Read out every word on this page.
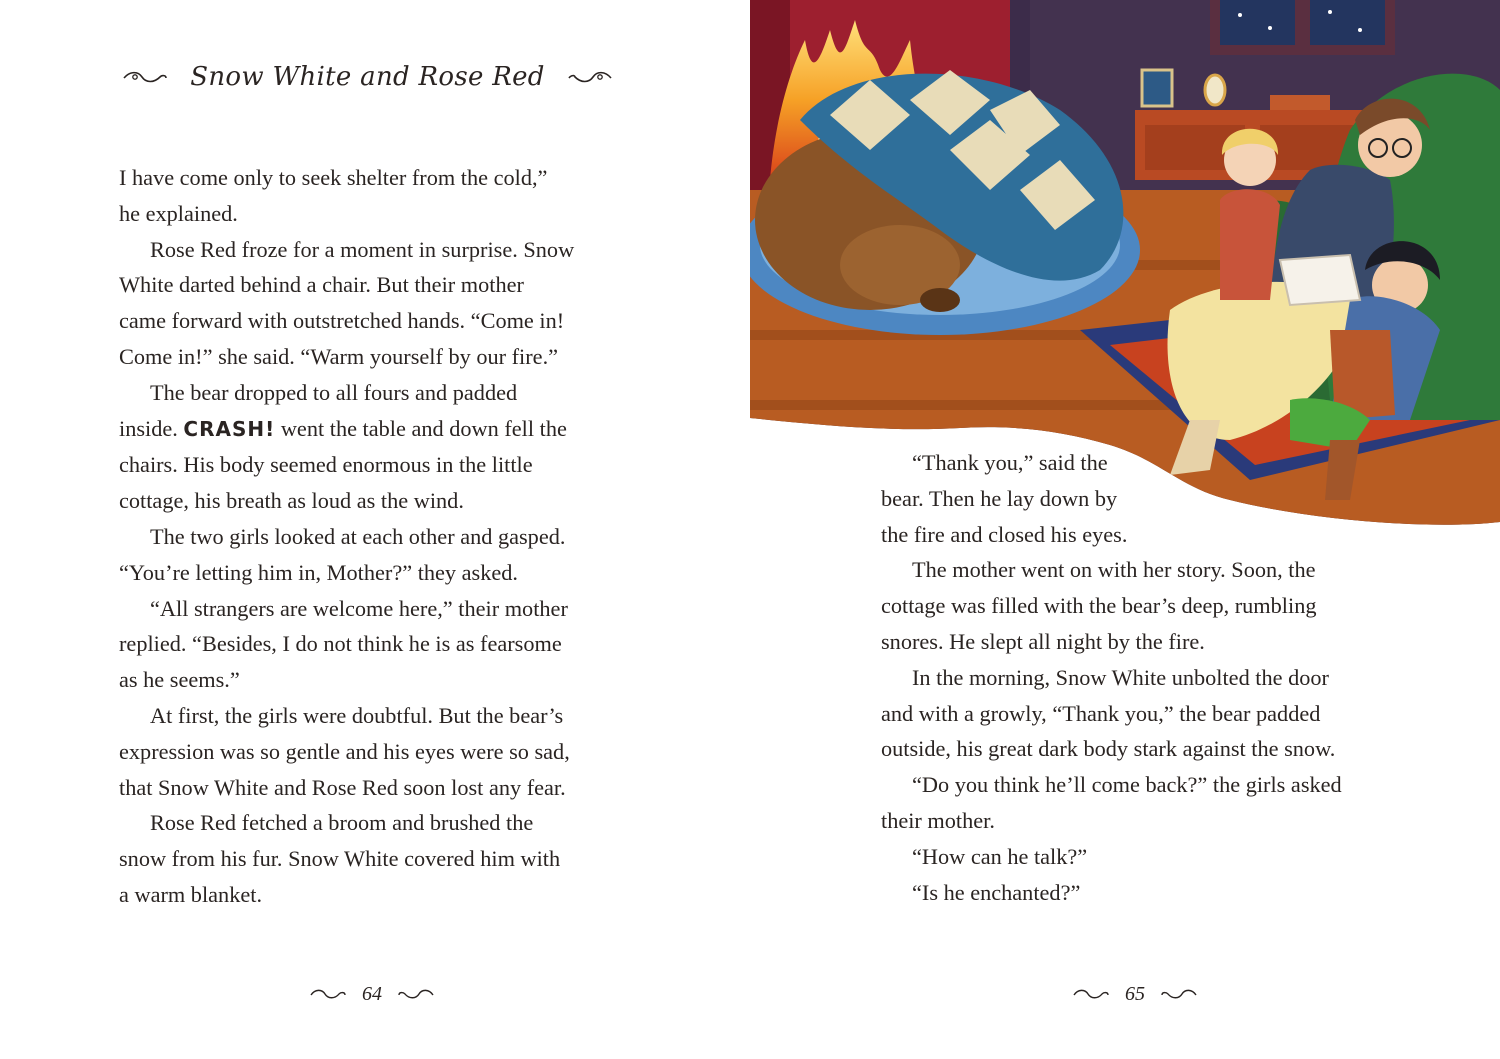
Snow White and Rose Red

I have come only to seek shelter from the cold,”

he explained.

Rose Red froze for a moment in surprise. Snow

White darted behind a chair. But their mother

came forward with outstretched hands. “Come in!

Come in!” she said. “Warm yourself by our fire.”

The bear dropped to all fours and padded

inside. CRASH! went the table and down fell the

chairs. His body seemed enormous in the little

cottage, his breath as loud as the wind.

The two girls looked at each other and gasped.

“You’re letting him in, Mother?” they asked.

“All strangers are welcome here,” their mother

replied. “Besides, I do not think he is as fearsome

as he seems.”

At first, the girls were doubtful. But the bear’s

expression was so gentle and his eyes were so sad,

that Snow White and Rose Red soon lost any fear.

Rose Red fetched a broom and brushed the

snow from his fur. Snow White covered him with

a warm blanket.

64

“Thank you,” said the

bear. Then he lay down by

the fire and closed his eyes.

The mother went on with her story. Soon, the

cottage was filled with the bear’s deep, rumbling

snores. He slept all night by the fire.

In the morning, Snow White unbolted the door

and with a growly, “Thank you,” the bear padded

outside, his great dark body stark against the snow.

“Do you think he’ll come back?” the girls asked

their mother.

“How can he talk?”

“Is he enchanted?”

65
